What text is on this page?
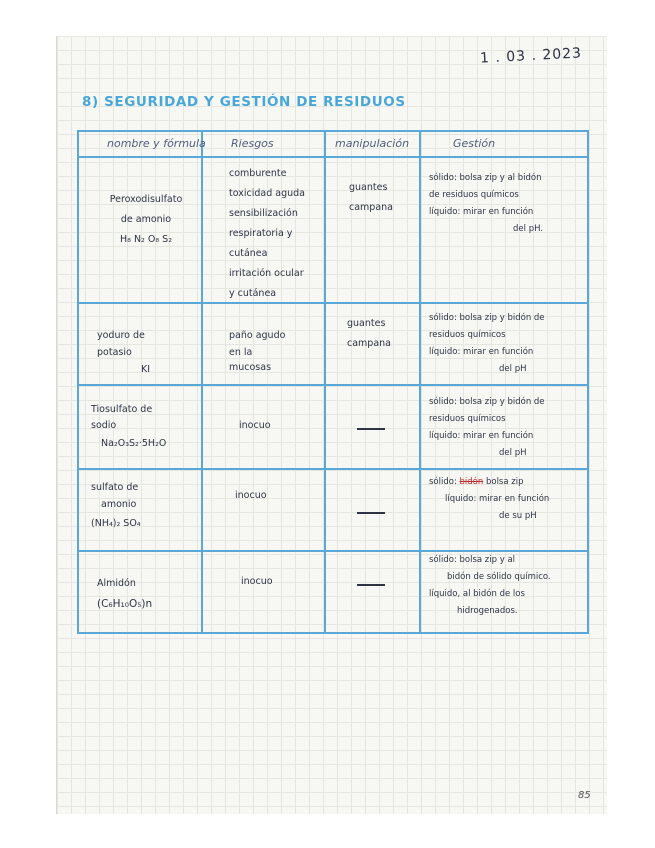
1 . 03 . 2023
8) SEGURIDAD Y GESTIÓN DE RESIDUOS
nombre y fórmula Riesgos	manipulación	Gestión
Peroxodisulfato
de amonio
H₈ N₂ O₈ S₂
comburente
toxicidad aguda
sensibilización
respiratoria y
cutánea
irritación ocular
y cutánea
guantes
campana
sólido: bolsa zip y al bidón
de residuos químicos
líquido: mirar en función
del pH.
yoduro de
potasio
KI
paño agudo
en la
mucosas
guantes
campana
sólido: bolsa zip y bidón de
residuos químicos
líquido: mirar en función
del pH
Tiosulfato de
sodio
Na₂O₃S₂·5H₂O
inocuo
sólido: bolsa zip y bidón de
residuos químicos
líquido: mirar en función
del pH
sulfato de
amonio
(NH₄)₂ SO₄
inocuo
sólido: bidón bolsa zip
líquido: mirar en función
de su pH
Almidón
(C₆H₁₀O₅)n
inocuo
sólido: bolsa zip y al
bidón de sólido químico.
líquido, al bidón de los
hidrogenados.
85
